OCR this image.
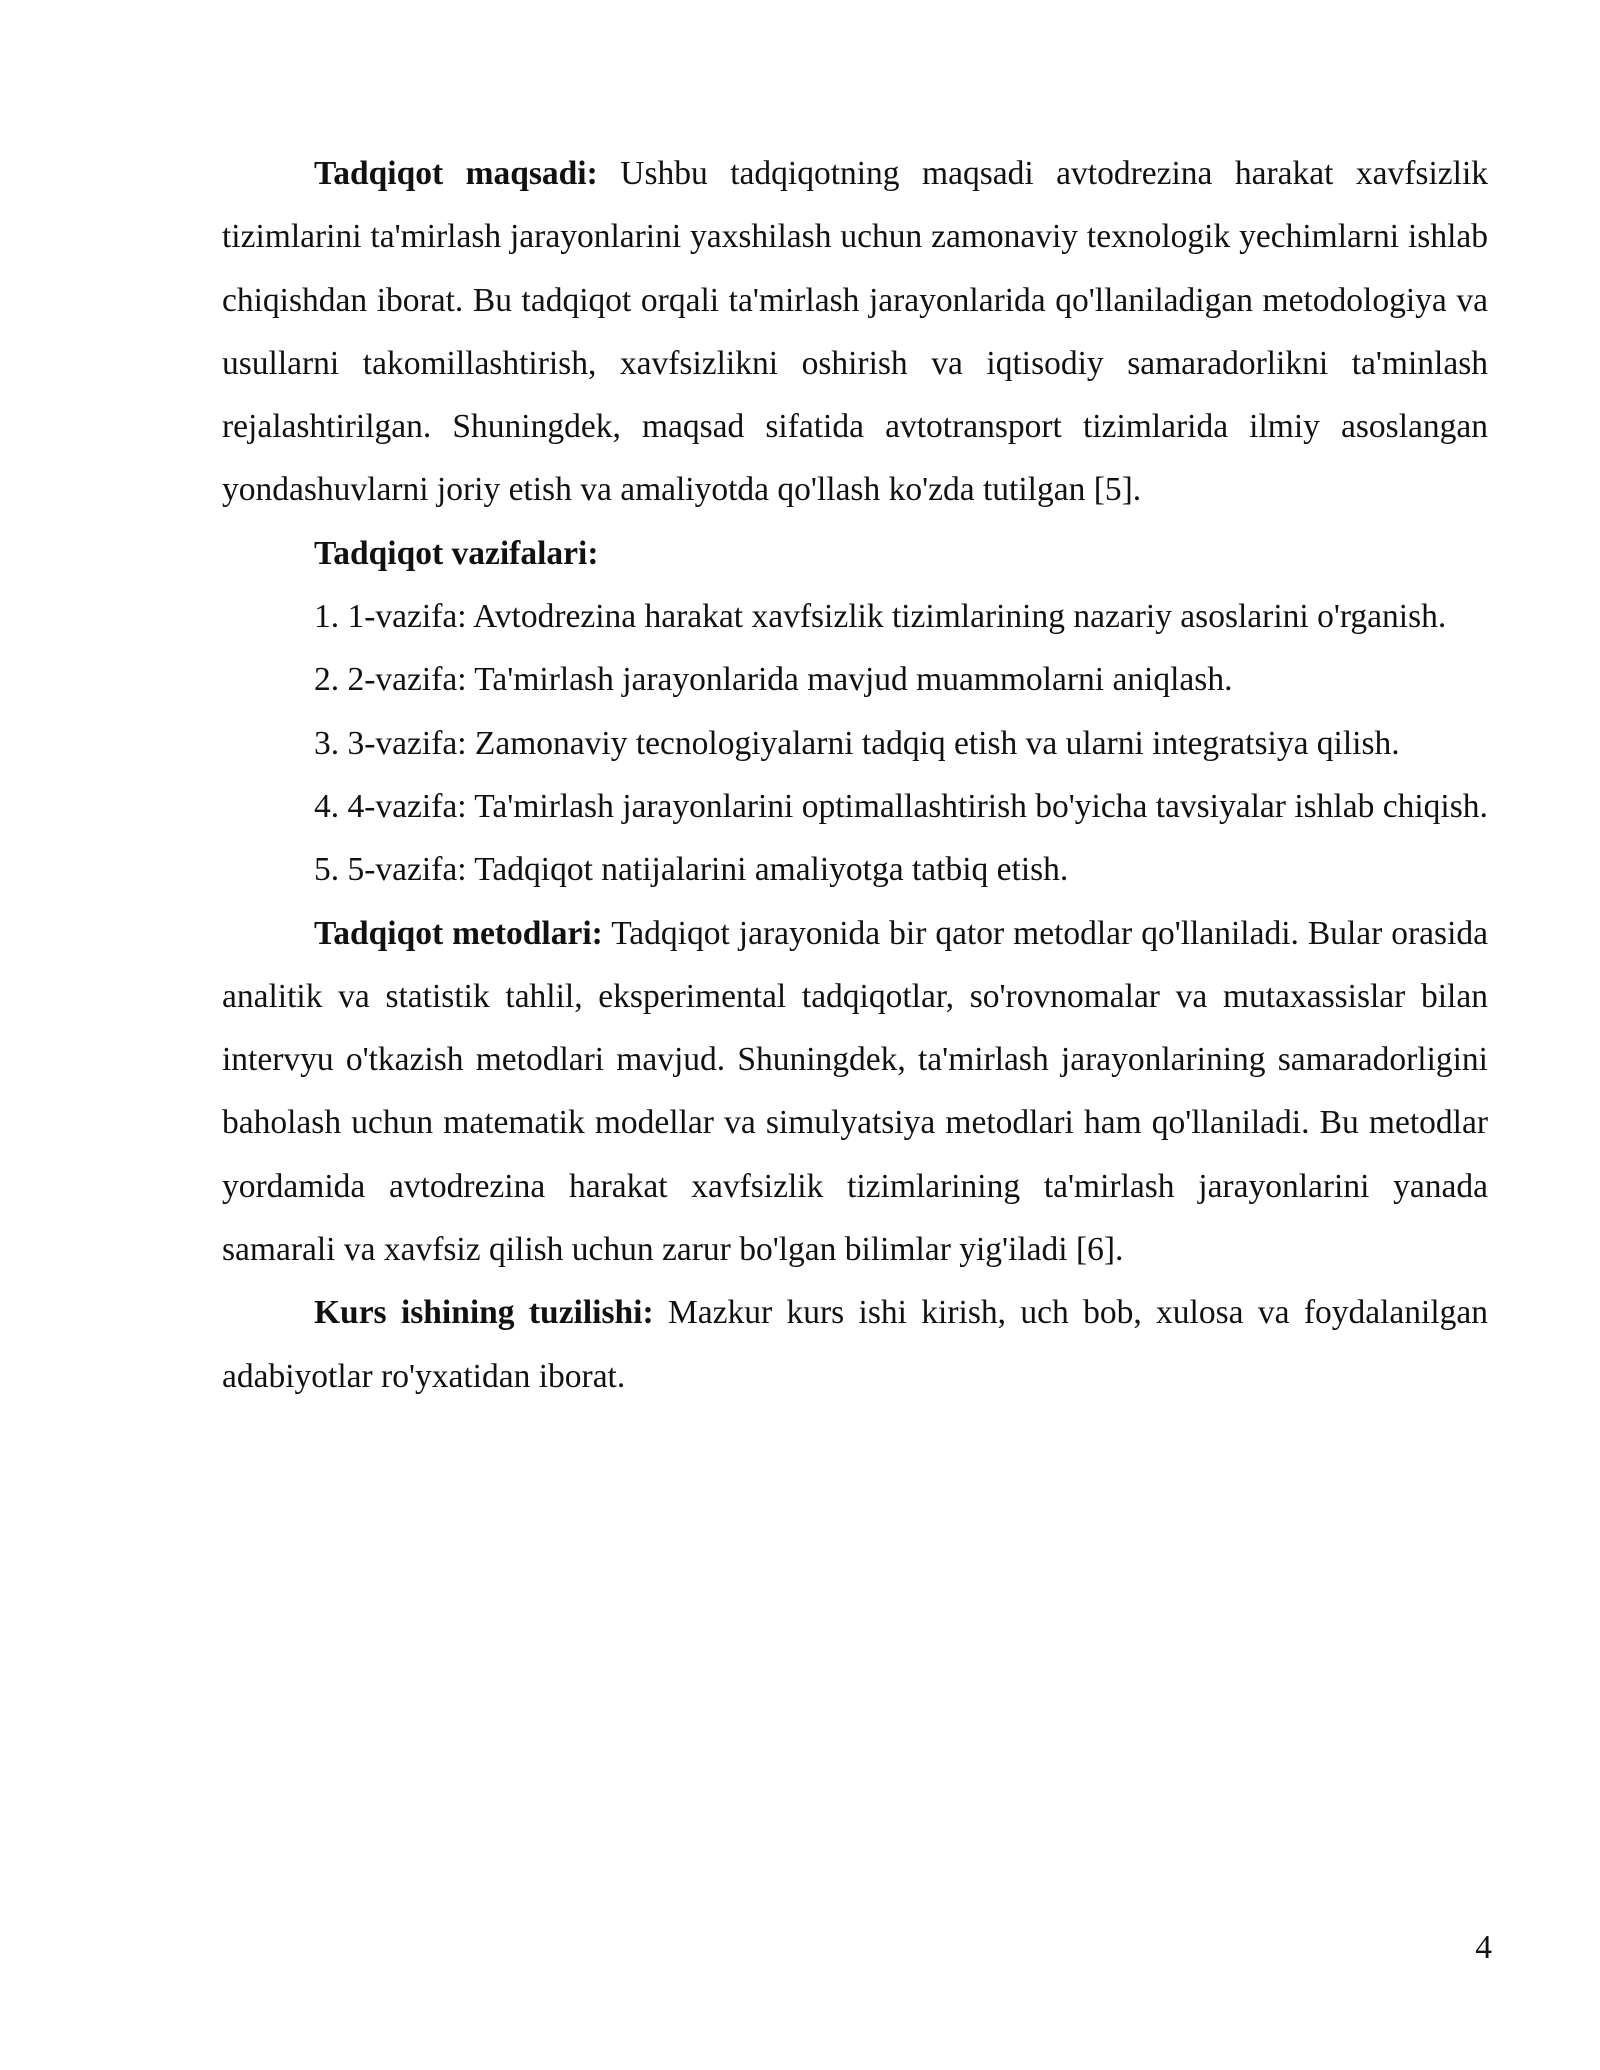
Tadqiqot maqsadi: Ushbu tadqiqotning maqsadi avtodrezina harakat xavfsizlik tizimlarini ta'mirlash jarayonlarini yaxshilash uchun zamonaviy texnologik yechimlarni ishlab chiqishdan iborat. Bu tadqiqot orqali ta'mirlash jarayonlarida qo'llaniladigan metodologiya va usullarni takomillashtirish, xavfsizlikni oshirish va iqtisodiy samaradorlikni ta'minlash rejalashtirilgan. Shuningdek, maqsad sifatida avtotransport tizimlarida ilmiy asoslangan yondashuvlarni joriy etish va amaliyotda qo'llash ko'zda tutilgan [5].

Tadqiqot vazifalari:

1. 1-vazifa: Avtodrezina harakat xavfsizlik tizimlarining nazariy asoslarini o'rganish.

2. 2-vazifa: Ta'mirlash jarayonlarida mavjud muammolarni aniqlash.

3. 3-vazifa: Zamonaviy tecnologiyalarni tadqiq etish va ularni integratsiya qilish.

4. 4-vazifa: Ta'mirlash jarayonlarini optimallashtirish bo'yicha tavsiyalar ishlab chiqish.

5. 5-vazifa: Tadqiqot natijalarini amaliyotga tatbiq etish.

Tadqiqot metodlari: Tadqiqot jarayonida bir qator metodlar qo'llaniladi. Bular orasida analitik va statistik tahlil, eksperimental tadqiqotlar, so'rovnomalar va mutaxassislar bilan intervyu o'tkazish metodlari mavjud. Shuningdek, ta'mirlash jarayonlarining samaradorligini baholash uchun matematik modellar va simulyatsiya metodlari ham qo'llaniladi. Bu metodlar yordamida avtodrezina harakat xavfsizlik tizimlarining ta'mirlash jarayonlarini yanada samarali va xavfsiz qilish uchun zarur bo'lgan bilimlar yig'iladi [6].

Kurs ishining tuzilishi: Mazkur kurs ishi kirish, uch bob, xulosa va foydalanilgan adabiyotlar ro'yxatidan iborat.

4
